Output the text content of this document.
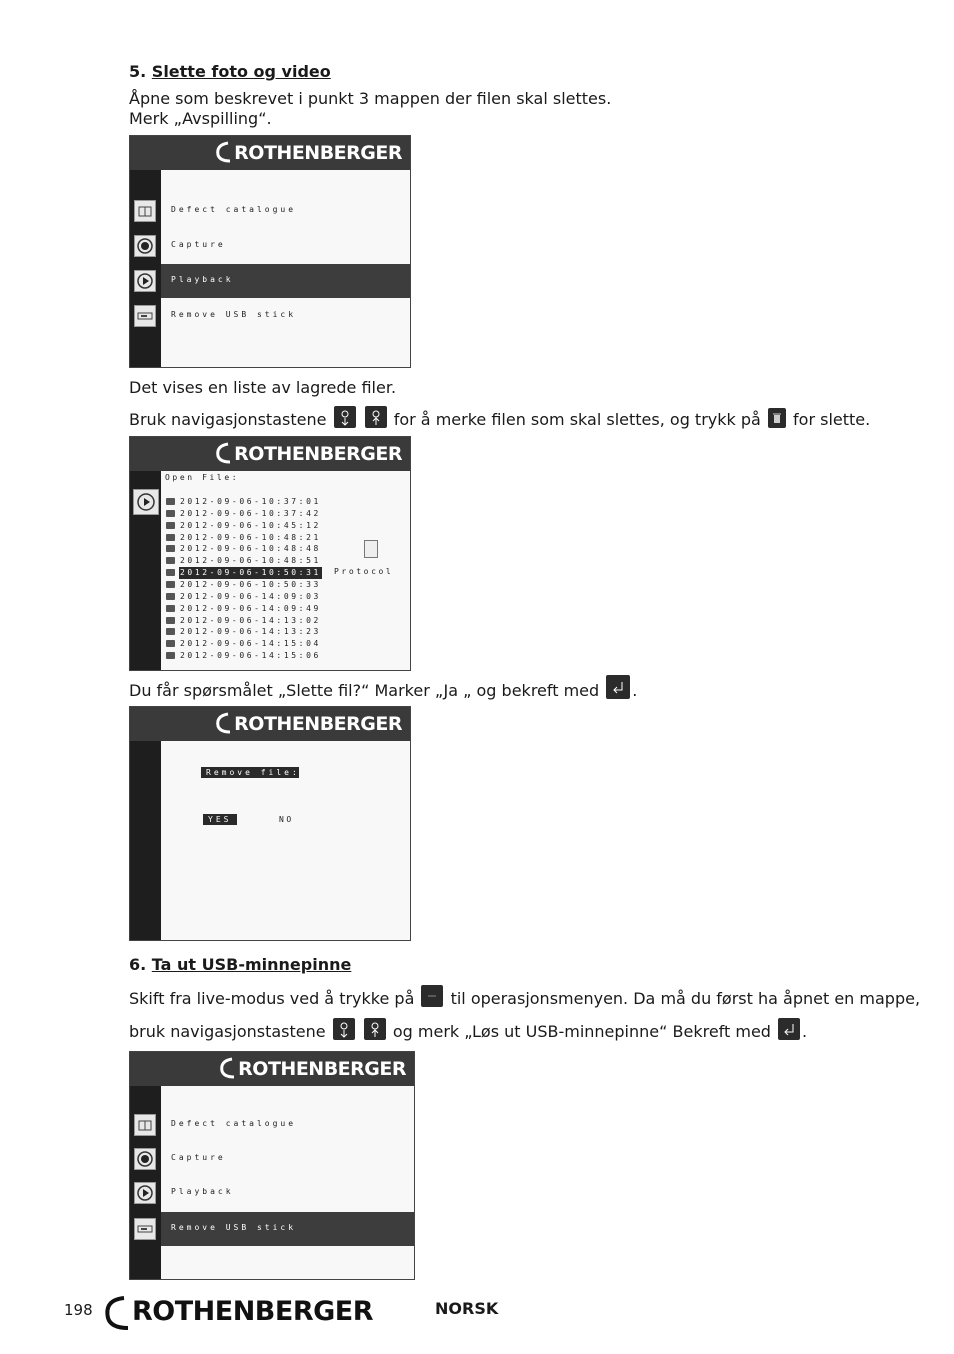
5. Slette foto og video
Åpne som beskrevet i punkt 3 mappen der filen skal slettes.
Merk „Avspilling“.
ROTHENBERGER
Defect catalogue
Capture
Playback
Remove USB stick
Det vises en liste av lagrede filer.
Bruk navigasjonstastene
	for å merke filen som skal slettes, og trykk på for slette.
ROTHENBERGER
Open File:
2012-09-06-10:37:01
2012-09-06-10:37:42
2012-09-06-10:45:12
2012-09-06-10:48:21
2012-09-06-10:48:48
2012-09-06-10:48:51
2012-09-06-10:50:31
2012-09-06-10:50:33
2012-09-06-14:09:03
2012-09-06-14:09:49
2012-09-06-14:13:02
2012-09-06-14:13:23
2012-09-06-14:15:04
2012-09-06-14:15:06
Protocol
Du får spørsmålet „Slette fil?“ Marker „Ja „ og bekreft med .
ROTHENBERGER
Remove file:
YES	NO
6. Ta ut USB-minnepinne
Skift fra live-modus ved å trykke på til operasjonsmenyen. Da må du først ha åpnet en mappe,
bruk navigasjonstastene
	og merk „Løs ut USB-minnepinne“ Bekreft med .
ROTHENBERGER
Defect catalogue
Capture
Playback
Remove USB stick
198	ROTHENBERGER	NORSK
